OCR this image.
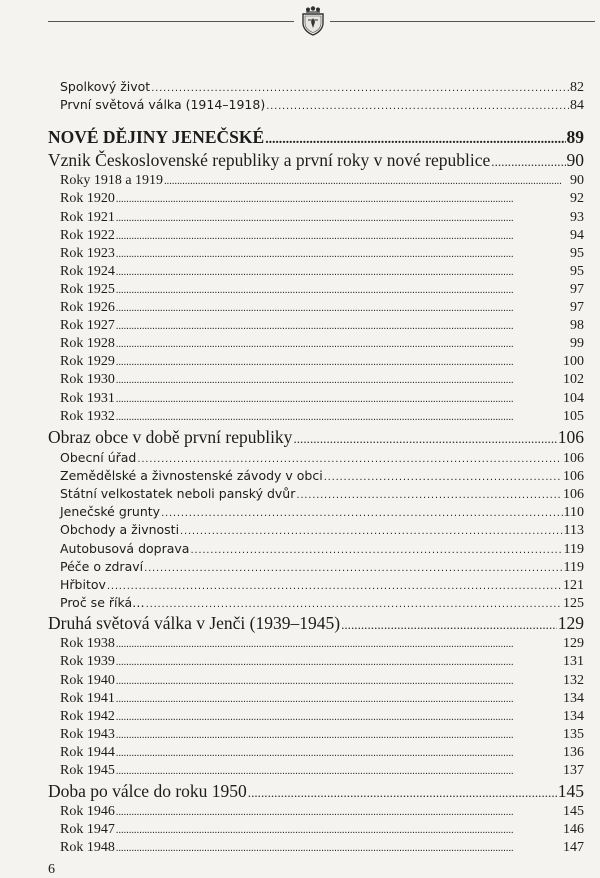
Spolkový život . . .	82
První světová válka (1914–1918) . . .	84
NOVÉ DĚJINY JENEČSKÉ . . .	89
Vznik Československé republiky a první roky v nové republice . . .	90
Roky 1918 a 1919 . . .	90
Rok 1920 . . .	92
Rok 1921 . . .	93
Rok 1922 . . .	94
Rok 1923 . . .	95
Rok 1924 . . .	95
Rok 1925 . . .	97
Rok 1926 . . .	97
Rok 1927 . . .	98
Rok 1928 . . .	99
Rok 1929 . . .	100
Rok 1930 . . .	102
Rok 1931 . . .	104
Rok 1932 . . .	105
Obraz obce v době první republiky . . .	106
Obecní úřad . . .	106
Zemědělské a živnostenské závody v obci . . .	106
Státní velkostatek neboli panský dvůr . . .	106
Jenečské grunty . . .	110
Obchody a živnosti . . .	113
Autobusová doprava . . .	119
Péče o zdraví . . .	119
Hřbitov . . .	121
Proč se říká… . . .	125
Druhá světová válka v Jenči (1939–1945) . . .	129
Rok 1938 . . .	129
Rok 1939 . . .	131
Rok 1940 . . .	132
Rok 1941 . . .	134
Rok 1942 . . .	134
Rok 1943 . . .	135
Rok 1944 . . .	136
Rok 1945 . . .	137
Doba po válce do roku 1950 . . .	145
Rok 1946 . . .	145
Rok 1947 . . .	146
Rok 1948 . . .	147
6
